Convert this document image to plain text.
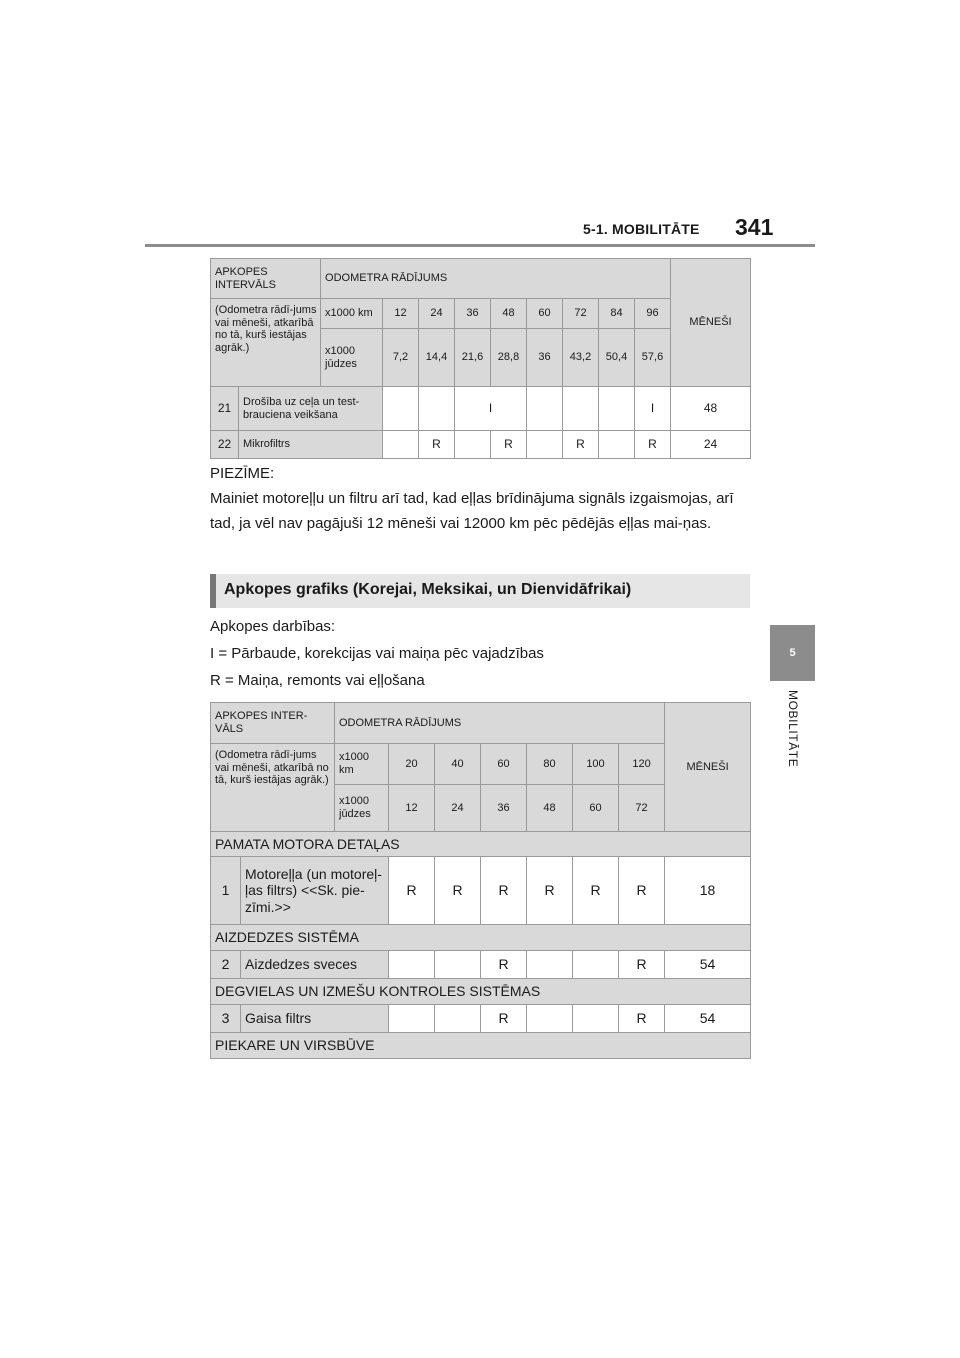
5-1. MOBILITĀTE 341
5
MOBILITĀTE
APKOPES INTERVĀLS		ODOMETRA RĀDĪJUMS									MĒNEŠI
(Odometra rādī-jums vai mēneši, atkarībā no tā, kurš iestājas agrāk.)		x1000 km	12	24	36	48	60	72	84	96	
		x1000 jūdzes	7,2	14,4	21,6	28,8	36	43,2	50,4	57,6	
21	Drošība uz ceļa un test-brauciena veikšana				I					I	48
22	Mikrofiltrs			R		R		R		R	24
PIEZĪME:
Mainiet motoreļļu un filtru arī tad, kad eļļas brīdinājuma signāls izgaismojas, arī tad, ja vēl nav pagājuši 12 mēneši vai 12000 km pēc pēdējās eļļas mai-ņas.
Apkopes grafiks (Korejai, Meksikai, un Dienvidāfrikai)
Apkopes darbības:
I = Pārbaude, korekcijas vai maiņa pēc vajadzības
R = Maiņa, remonts vai eļļošana
APKOPES INTER-VĀLS		ODOMETRA RĀDĪJUMS							MĒNEŠI
(Odometra rādī-jums vai mēneši, atkarībā no tā, kurš iestājas agrāk.)		x1000 km	20	40	60	80	100	120	
		x1000 jūdzes	12	24	36	48	60	72	
PAMATA MOTORA DETAĻAS									
1	Motoreļļa (un motoreļ-ļas filtrs) <<Sk. pie-zīmi.>>		R	R	R	R	R	R	18
AIZDEDZES SISTĒMA									
2	Aizdedzes sveces				R			R	54
DEGVIELAS UN IZMEŠU KONTROLES SISTĒMAS									
3	Gaisa filtrs				R			R	54
PIEKARE UN VIRSBŪVE									
